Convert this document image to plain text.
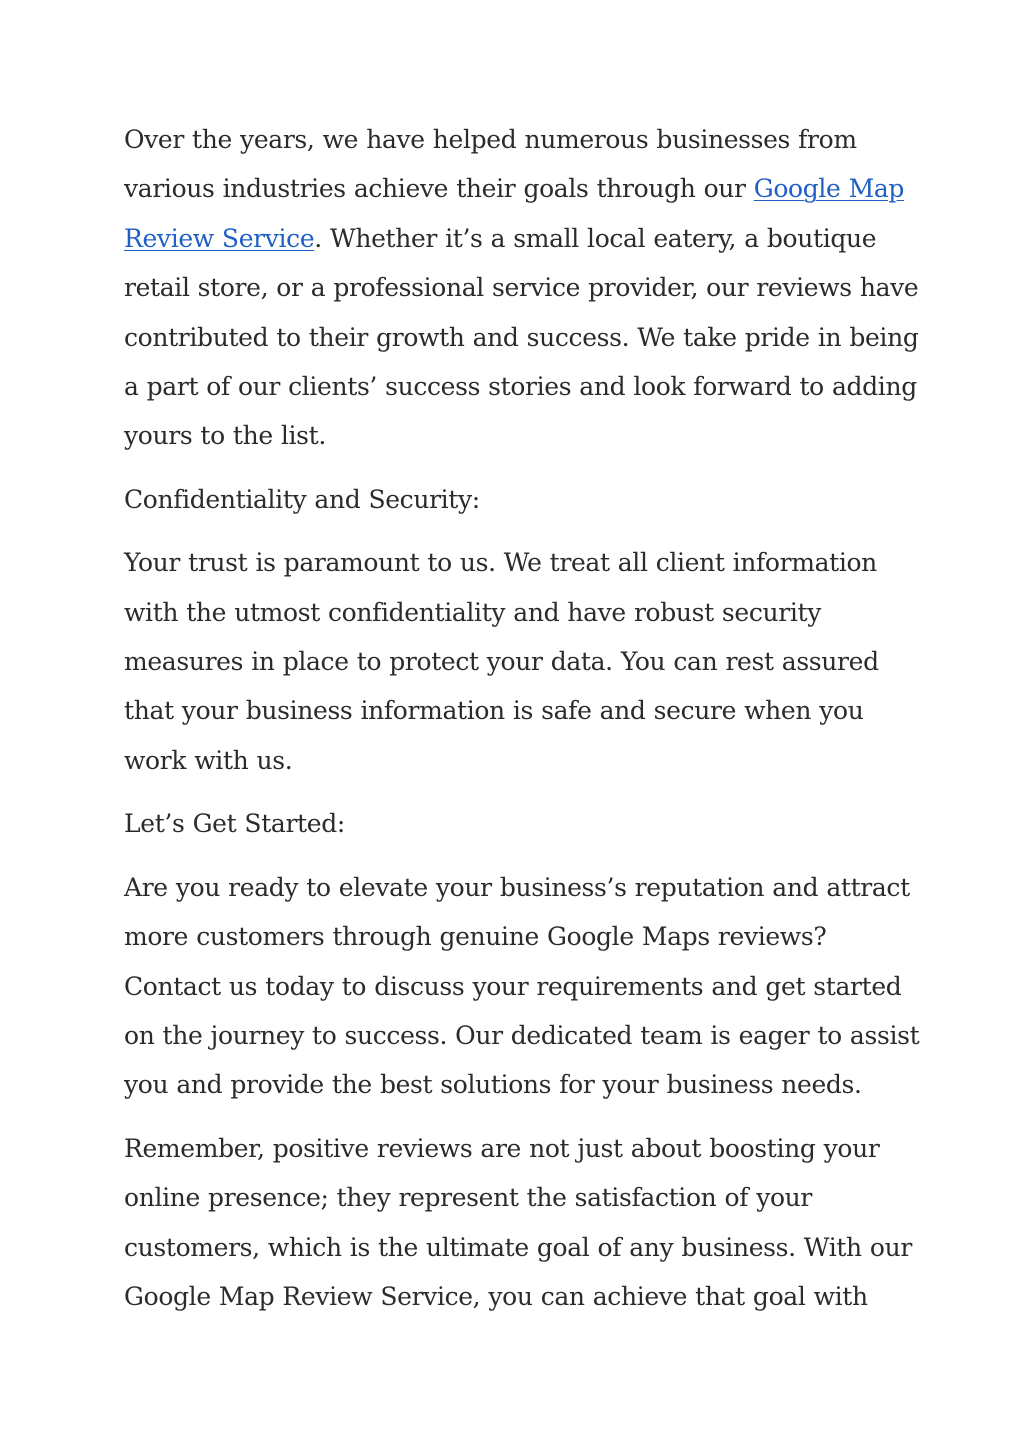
Over the years, we have helped numerous businesses from
various industries achieve their goals through our Google Map
Review Service. Whether it’s a small local eatery, a boutique
retail store, or a professional service provider, our reviews have
contributed to their growth and success. We take pride in being
a part of our clients’ success stories and look forward to adding
yours to the list.

Confidentiality and Security:

Your trust is paramount to us. We treat all client information
with the utmost confidentiality and have robust security
measures in place to protect your data. You can rest assured
that your business information is safe and secure when you
work with us.

Let’s Get Started:

Are you ready to elevate your business’s reputation and attract
more customers through genuine Google Maps reviews?
Contact us today to discuss your requirements and get started
on the journey to success. Our dedicated team is eager to assist
you and provide the best solutions for your business needs.

Remember, positive reviews are not just about boosting your
online presence; they represent the satisfaction of your
customers, which is the ultimate goal of any business. With our
Google Map Review Service, you can achieve that goal with
